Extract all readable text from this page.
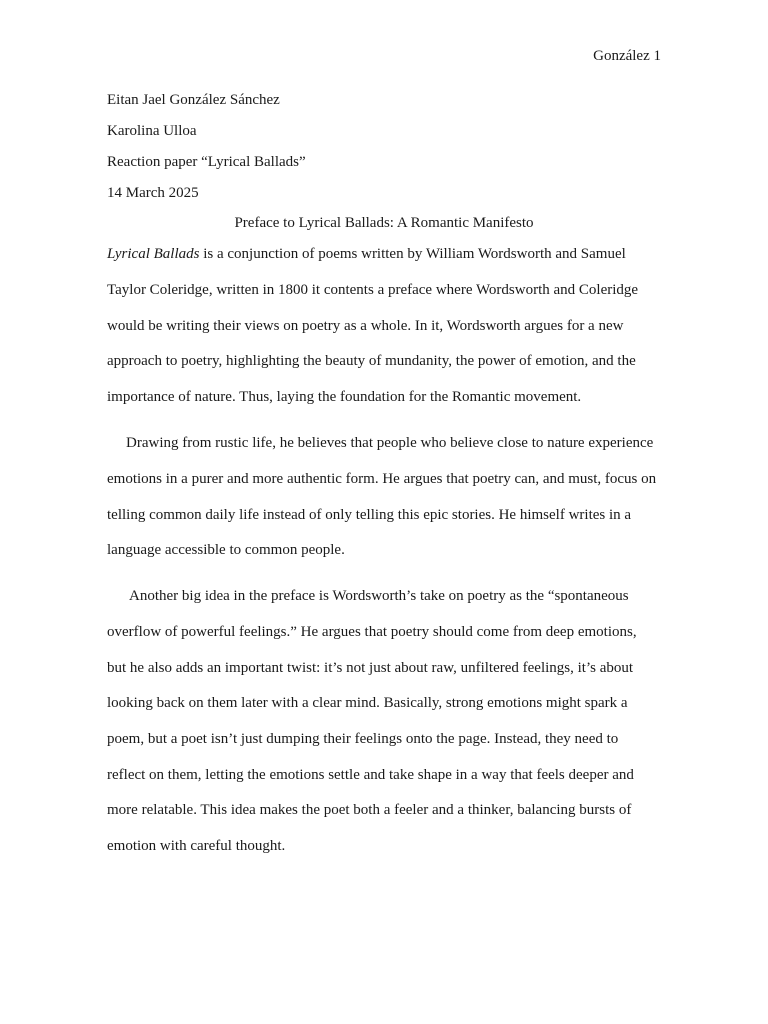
González 1
Eitan Jael González Sánchez
Karolina Ulloa
Reaction paper “Lyrical Ballads”
14 March 2025
Preface to Lyrical Ballads: A Romantic Manifesto
Lyrical Ballads is a conjunction of poems written by William Wordsworth and Samuel
Taylor Coleridge, written in 1800 it contents a preface where Wordsworth and Coleridge
would be writing their views on poetry as a whole. In it, Wordsworth argues for a new
approach to poetry, highlighting the beauty of mundanity, the power of emotion, and the
importance of nature. Thus, laying the foundation for the Romantic movement.
Drawing from rustic life, he believes that people who believe close to nature experience
emotions in a purer and more authentic form. He argues that poetry can, and must, focus on
telling common daily life instead of only telling this epic stories. He himself writes in a
language accessible to common people.
Another big idea in the preface is Wordsworth’s take on poetry as the “spontaneous
overflow of powerful feelings.” He argues that poetry should come from deep emotions,
but he also adds an important twist: it’s not just about raw, unfiltered feelings, it’s about
looking back on them later with a clear mind. Basically, strong emotions might spark a
poem, but a poet isn’t just dumping their feelings onto the page. Instead, they need to
reflect on them, letting the emotions settle and take shape in a way that feels deeper and
more relatable. This idea makes the poet both a feeler and a thinker, balancing bursts of
emotion with careful thought.
